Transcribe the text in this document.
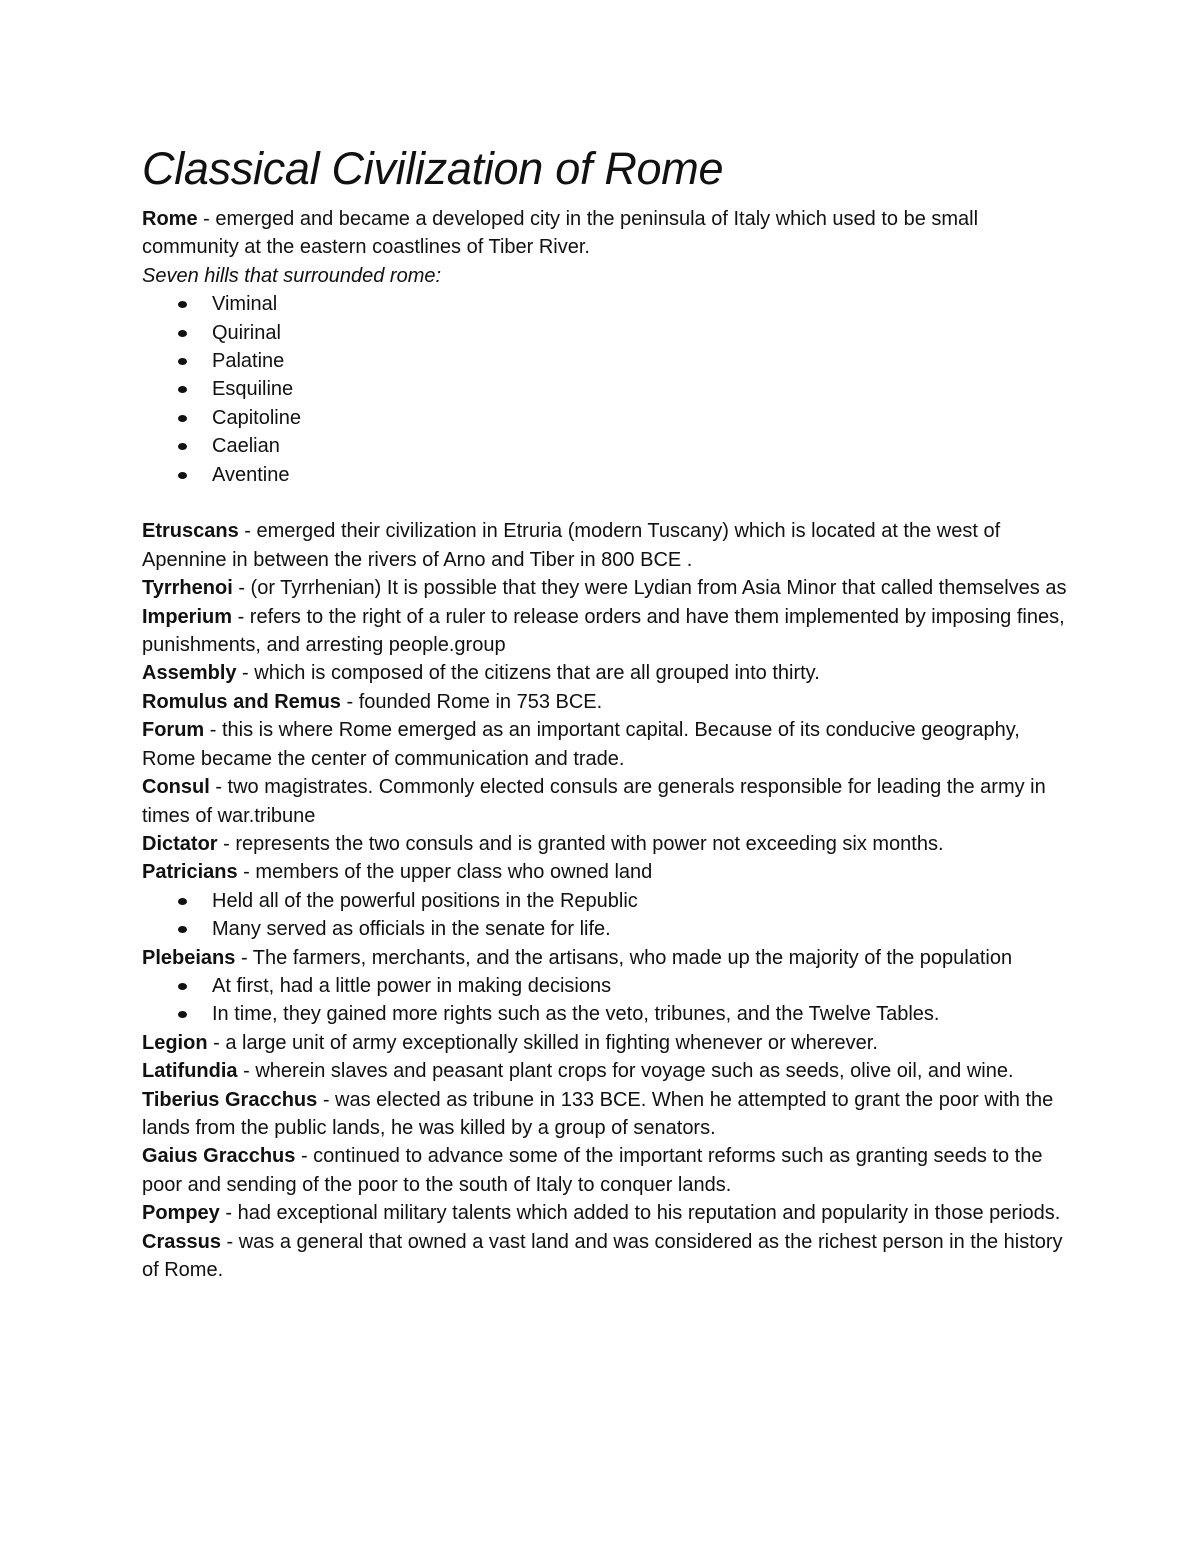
Classical Civilization of Rome

Rome - emerged and became a developed city in the peninsula of Italy which used to be small community at the eastern coastlines of Tiber River.

Seven hills that surrounded rome:

Viminal
Quirinal
Palatine
Esquiline
Capitoline
Caelian
Aventine

Etruscans - emerged their civilization in Etruria (modern Tuscany) which is located at the west of Apennine in between the rivers of Arno and Tiber in 800 BCE .

Tyrrhenoi - (or Tyrrhenian) It is possible that they were Lydian from Asia Minor that called themselves as

Imperium - refers to the right of a ruler to release orders and have them implemented by imposing fines, punishments, and arresting people.group

Assembly - which is composed of the citizens that are all grouped into thirty.

Romulus and Remus - founded Rome in 753 BCE.

Forum - this is where Rome emerged as an important capital. Because of its conducive geography, Rome became the center of communication and trade.

Consul - two magistrates. Commonly elected consuls are generals responsible for leading the army in times of war.tribune

Dictator - represents the two consuls and is granted with power not exceeding six months.

Patricians - members of the upper class who owned land

Held all of the powerful positions in the Republic
Many served as officials in the senate for life.

Plebeians - The farmers, merchants, and the artisans, who made up the majority of the population

At first, had a little power in making decisions
In time, they gained more rights such as the veto, tribunes, and the Twelve Tables.

Legion - a large unit of army exceptionally skilled in fighting whenever or wherever.

Latifundia - wherein slaves and peasant plant crops for voyage such as seeds, olive oil, and wine.

Tiberius Gracchus - was elected as tribune in 133 BCE. When he attempted to grant the poor with the lands from the public lands, he was killed by a group of senators.

Gaius Gracchus - continued to advance some of the important reforms such as granting seeds to the poor and sending of the poor to the south of Italy to conquer lands.

Pompey - had exceptional military talents which added to his reputation and popularity in those periods.

Crassus - was a general that owned a vast land and was considered as the richest person in the history of Rome.
